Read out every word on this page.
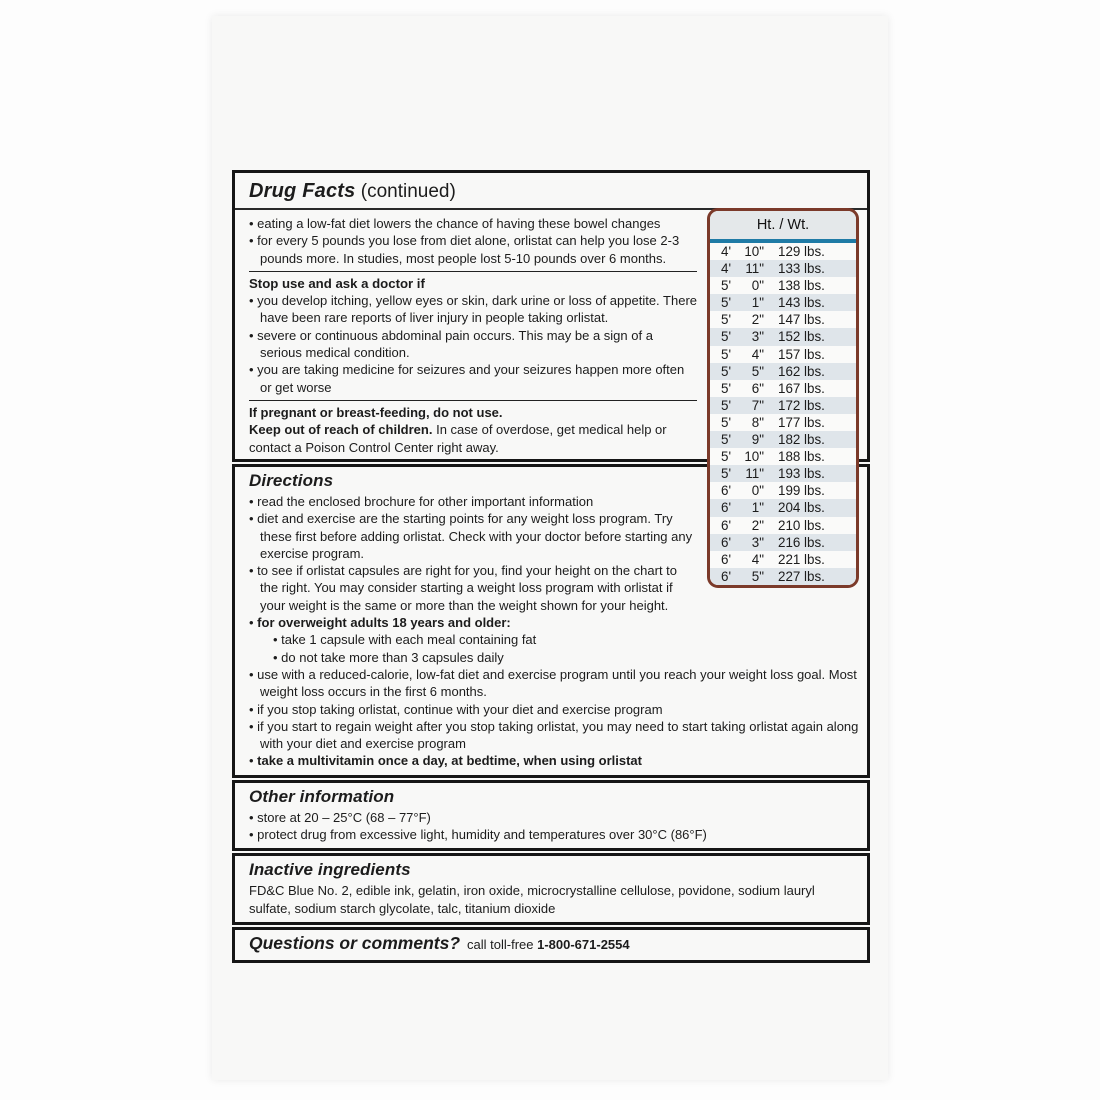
Drug Facts (continued)
• eating a low-fat diet lowers the chance of having these bowel changes
• for every 5 pounds you lose from diet alone, orlistat can help you lose 2-3 pounds more. In studies, most people lost 5-10 pounds over 6 months.
Stop use and ask a doctor if
• you develop itching, yellow eyes or skin, dark urine or loss of appetite. There have been rare reports of liver injury in people taking orlistat.
• severe or continuous abdominal pain occurs. This may be a sign of a serious medical condition.
• you are taking medicine for seizures and your seizures happen more often or get worse

If pregnant or breast-feeding, do not use.

Keep out of reach of children. In case of overdose, get medical help or contact a Poison Control Center right away.

Directions
• read the enclosed brochure for other important information
• diet and exercise are the starting points for any weight loss program. Try these first before adding orlistat. Check with your doctor before starting any exercise program.
• to see if orlistat capsules are right for you, find your height on the chart to the right. You may consider starting a weight loss program with orlistat if your weight is the same or more than the weight shown for your height.
• for overweight adults 18 years and older:
• take 1 capsule with each meal containing fat
• do not take more than 3 capsules daily
• use with a reduced-calorie, low-fat diet and exercise program until you reach your weight loss goal. Most weight loss occurs in the first 6 months.
• if you stop taking orlistat, continue with your diet and exercise program
• if you start to regain weight after you stop taking orlistat, you may need to start taking orlistat again along with your diet and exercise program
• take a multivitamin once a day, at bedtime, when using orlistat
Other information
• store at 20 – 25°C (68 – 77°F)
• protect drug from excessive light, humidity and temperatures over 30°C (86°F)
Inactive ingredients

FD&C Blue No. 2, edible ink, gelatin, iron oxide, microcrystalline cellulose, povidone, sodium lauryl sulfate, sodium starch glycolate, talc, titanium dioxide

Questions or comments? call toll-free 1-800-671-2554
Ht. / Wt.
4' 10" 129 lbs.
4'	11" 133 lbs.
5'	0" 138 lbs.
5'	1" 143 lbs.
5'	2" 147 lbs.
5'	3" 152 lbs.
5'	4" 157 lbs.
5'	5" 162 lbs.
5'	6" 167 lbs.
5'	7" 172 lbs.
5'	8" 177 lbs.
5'	9" 182 lbs.
5' 10" 188 lbs.
5'	11" 193 lbs.
6'	0" 199 lbs.
6'	1" 204 lbs.
6'	2" 210 lbs.
6'	3" 216 lbs.
6'	4" 221 lbs.
6'	5" 227 lbs.
